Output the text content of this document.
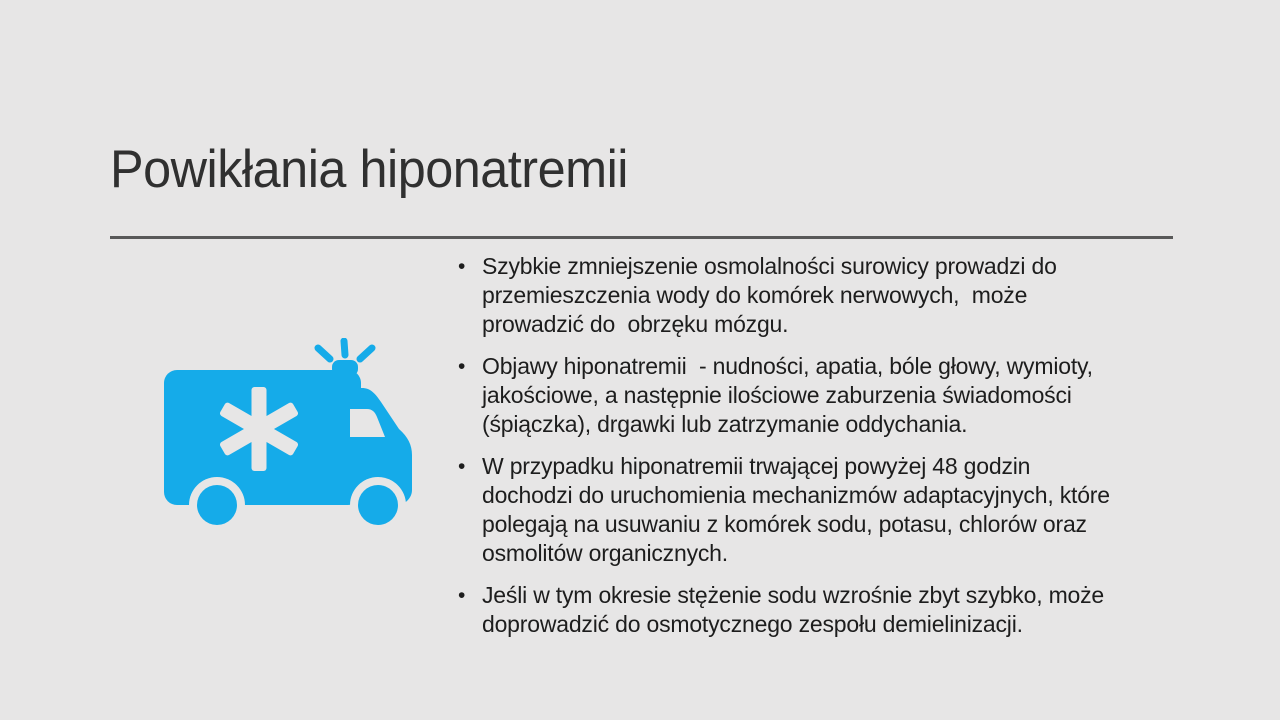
Powikłania hiponatremii
• Szybkie zmniejszenie osmolalności surowicy prowadzi do
przemieszczenia wody do komórek nerwowych,  może
prowadzić do  obrzęku mózgu.
• Objawy hiponatremii  - nudności, apatia, bóle głowy, wymioty,
jakościowe, a następnie ilościowe zaburzenia świadomości
(śpiączka), drgawki lub zatrzymanie oddychania.
• W przypadku hiponatremii trwającej powyżej 48 godzin
dochodzi do uruchomienia mechanizmów adaptacyjnych, które
polegają na usuwaniu z komórek sodu, potasu, chlorów oraz
osmolitów organicznych.
• Jeśli w tym okresie stężenie sodu wzrośnie zbyt szybko, może
doprowadzić do osmotycznego zespołu demielinizacji.
